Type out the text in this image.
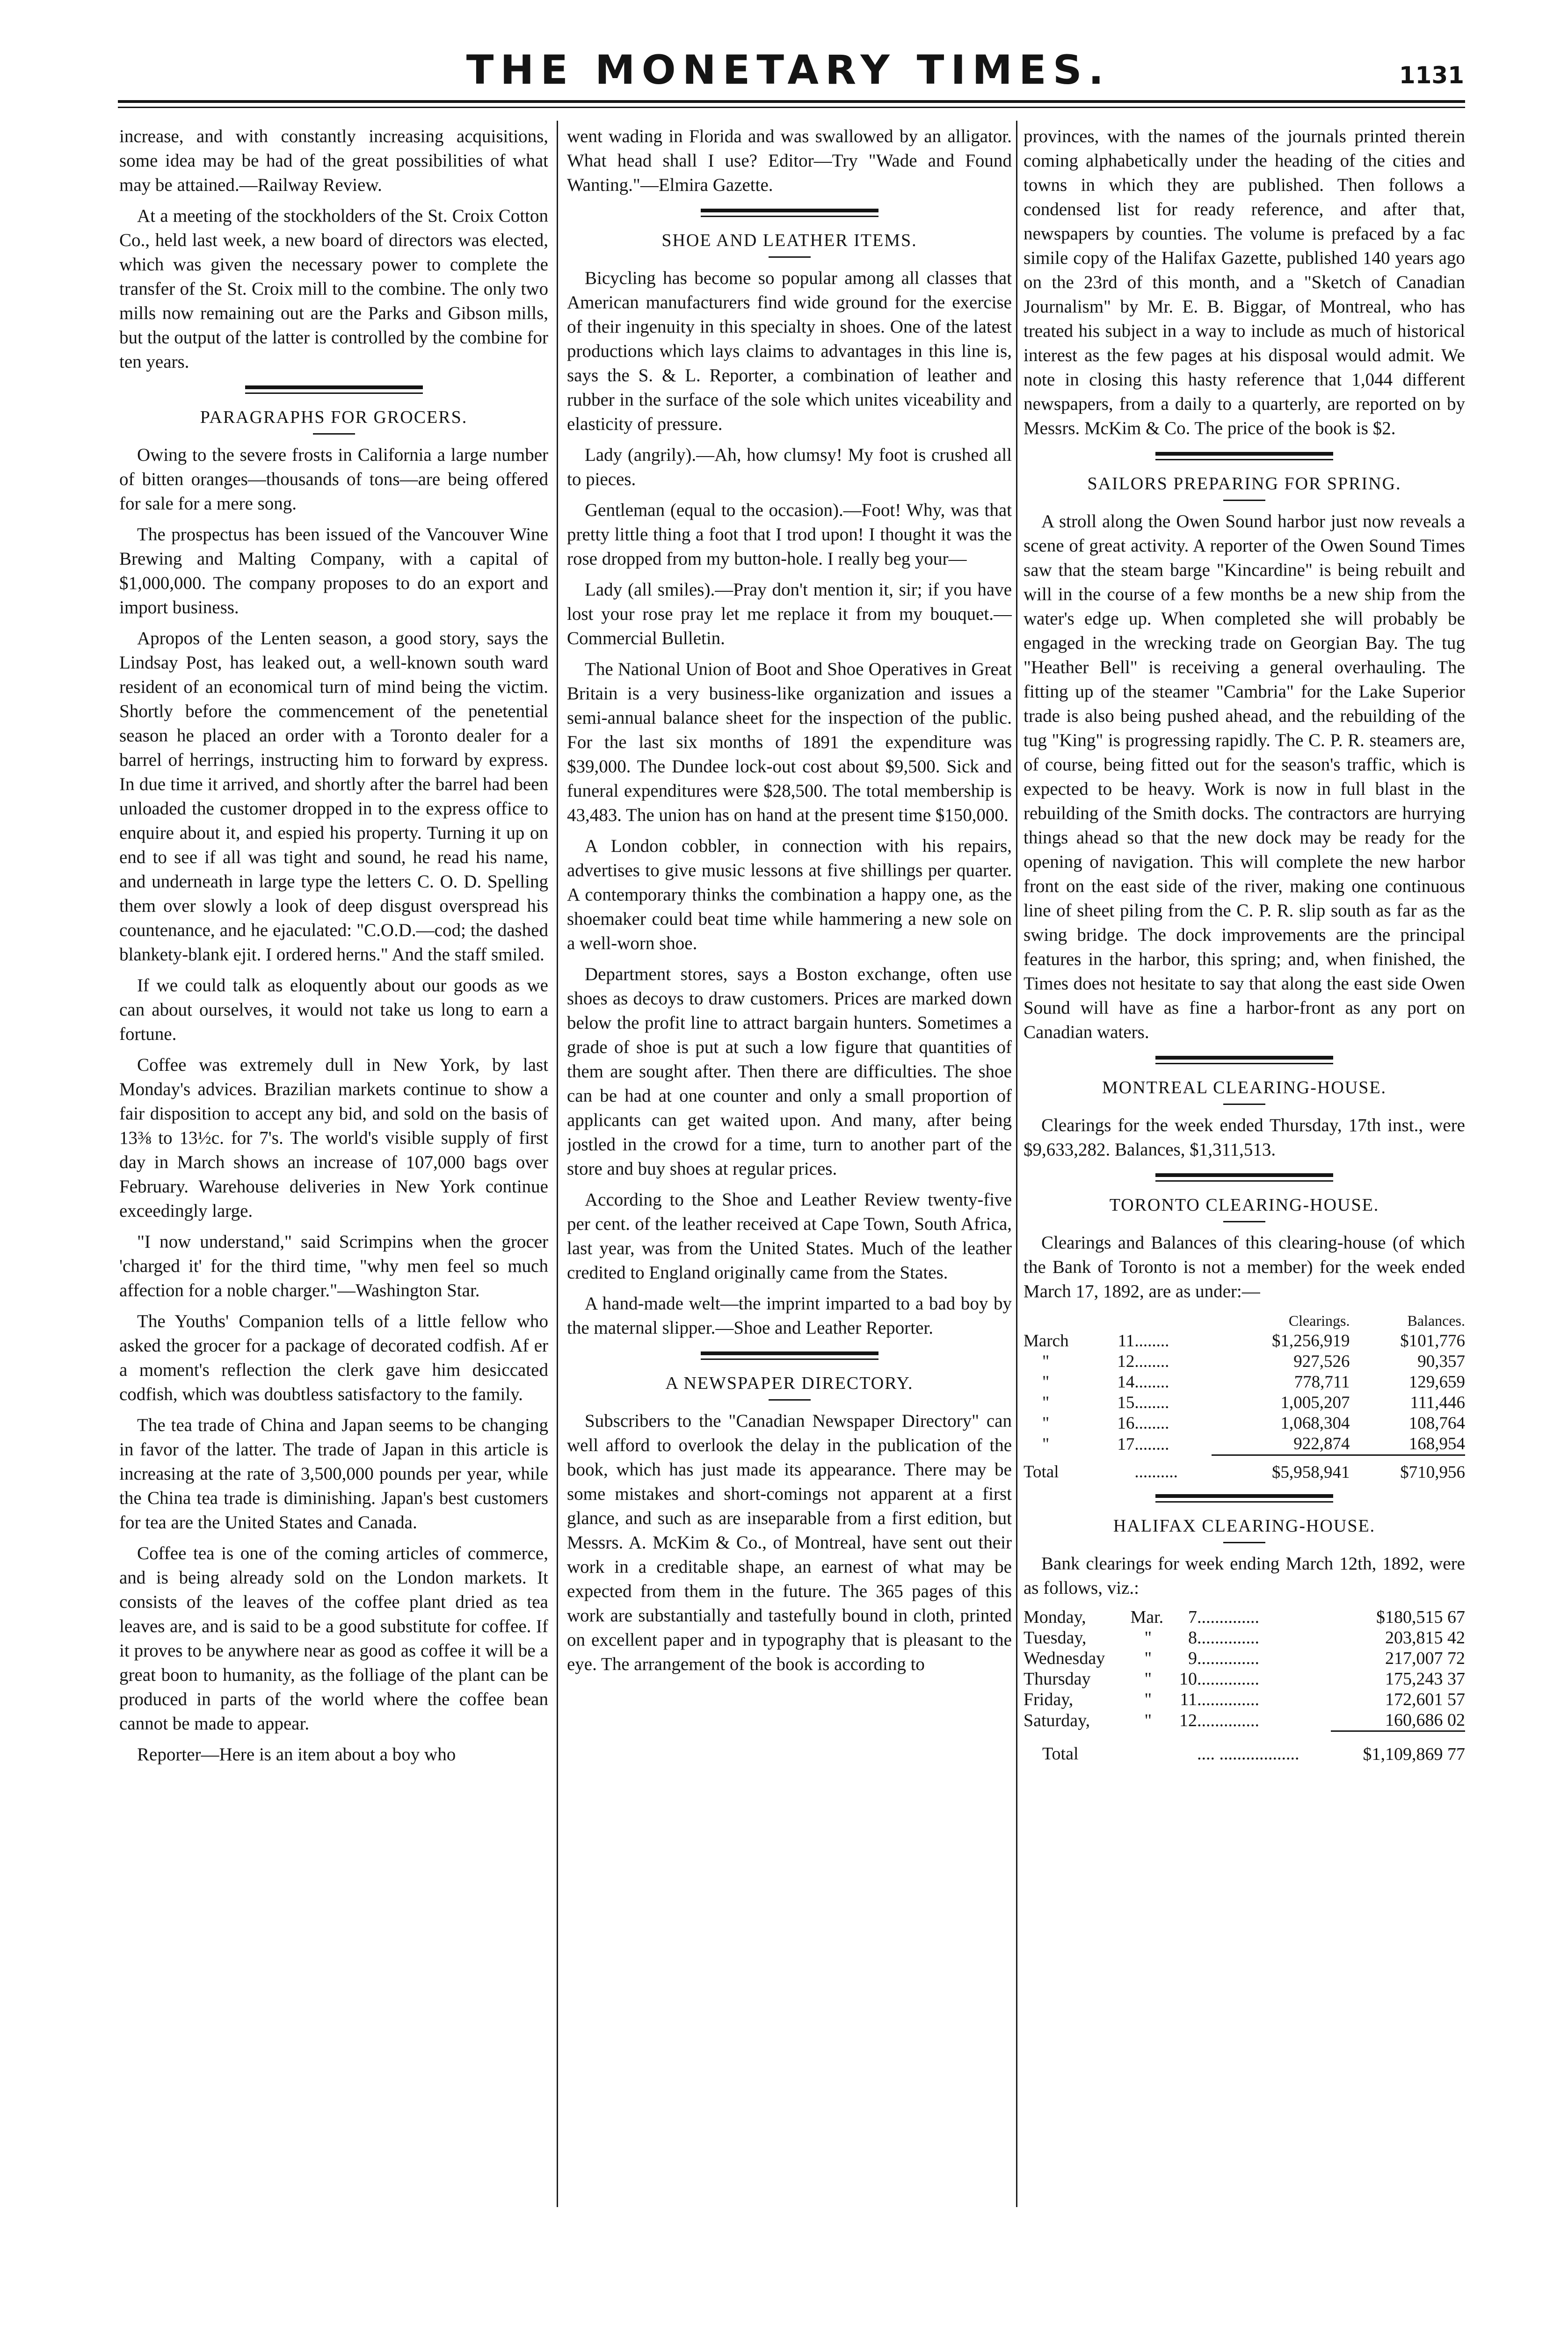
THE MONETARY TIMES.	1131

increase, and with constantly increasing acquisitions, some idea may be had of the great possibilities of what may be attained.—Railway Review.

At a meeting of the stockholders of the St. Croix Cotton Co., held last week, a new board of directors was elected, which was given the necessary power to complete the transfer of the St. Croix mill to the combine. The only two mills now remaining out are the Parks and Gibson mills, but the output of the latter is controlled by the combine for ten years.

PARAGRAPHS FOR GROCERS.

Owing to the severe frosts in California a large number of bitten oranges—thousands of tons—are being offered for sale for a mere song.

The prospectus has been issued of the Vancouver Wine Brewing and Malting Company, with a capital of $1,000,000. The company proposes to do an export and import business.

Apropos of the Lenten season, a good story, says the Lindsay Post, has leaked out, a well-known south ward resident of an economical turn of mind being the victim. Shortly before the commencement of the penetential season he placed an order with a Toronto dealer for a barrel of herrings, instructing him to forward by express. In due time it arrived, and shortly after the barrel had been unloaded the customer dropped in to the express office to enquire about it, and espied his property. Turning it up on end to see if all was tight and sound, he read his name, and underneath in large type the letters C. O. D. Spelling them over slowly a look of deep disgust overspread his countenance, and he ejaculated: "C.O.D.—cod; the dashed blankety-blank ejit. I ordered herns." And the staff smiled.

If we could talk as eloquently about our goods as we can about ourselves, it would not take us long to earn a fortune.

Coffee was extremely dull in New York, by last Monday's advices. Brazilian markets continue to show a fair disposition to accept any bid, and sold on the basis of 13⅜ to 13½c. for 7's. The world's visible supply of first day in March shows an increase of 107,000 bags over February. Warehouse deliveries in New York continue exceedingly large.

"I now understand," said Scrimpins when the grocer 'charged it' for the third time, "why men feel so much affection for a noble charger."—Washington Star.

The Youths' Companion tells of a little fellow who asked the grocer for a package of decorated codfish. Af er a moment's reflection the clerk gave him desiccated codfish, which was doubtless satisfactory to the family.

The tea trade of China and Japan seems to be changing in favor of the latter. The trade of Japan in this article is increasing at the rate of 3,500,000 pounds per year, while the China tea trade is diminishing. Japan's best customers for tea are the United States and Canada.

Coffee tea is one of the coming articles of commerce, and is being already sold on the London markets. It consists of the leaves of the coffee plant dried as tea leaves are, and is said to be a good substitute for coffee. If it proves to be anywhere near as good as coffee it will be a great boon to humanity, as the folliage of the plant can be produced in parts of the world where the coffee bean cannot be made to appear.

Reporter—Here is an item about a boy who

went wading in Florida and was swallowed by an alligator. What head shall I use? Editor—Try "Wade and Found Wanting."—Elmira Gazette.

SHOE AND LEATHER ITEMS.

Bicycling has become so popular among all classes that American manufacturers find wide ground for the exercise of their ingenuity in this specialty in shoes. One of the latest productions which lays claims to advantages in this line is, says the S. & L. Reporter, a combination of leather and rubber in the surface of the sole which unites viceability and elasticity of pressure.

Lady (angrily).—Ah, how clumsy! My foot is crushed all to pieces.

Gentleman (equal to the occasion).—Foot! Why, was that pretty little thing a foot that I trod upon! I thought it was the rose dropped from my button-hole. I really beg your—

Lady (all smiles).—Pray don't mention it, sir; if you have lost your rose pray let me replace it from my bouquet.—Commercial Bulletin.

The National Union of Boot and Shoe Operatives in Great Britain is a very business-like organization and issues a semi-annual balance sheet for the inspection of the public. For the last six months of 1891 the expenditure was $39,000. The Dundee lock-out cost about $9,500. Sick and funeral expenditures were $28,500. The total membership is 43,483. The union has on hand at the present time $150,000.

A London cobbler, in connection with his repairs, advertises to give music lessons at five shillings per quarter. A contemporary thinks the combination a happy one, as the shoemaker could beat time while hammering a new sole on a well-worn shoe.

Department stores, says a Boston exchange, often use shoes as decoys to draw customers. Prices are marked down below the profit line to attract bargain hunters. Sometimes a grade of shoe is put at such a low figure that quantities of them are sought after. Then there are difficulties. The shoe can be had at one counter and only a small proportion of applicants can get waited upon. And many, after being jostled in the crowd for a time, turn to another part of the store and buy shoes at regular prices.

According to the Shoe and Leather Review twenty-five per cent. of the leather received at Cape Town, South Africa, last year, was from the United States. Much of the leather credited to England originally came from the States.

A hand-made welt—the imprint imparted to a bad boy by the maternal slipper.—Shoe and Leather Reporter.

A NEWSPAPER DIRECTORY.

Subscribers to the "Canadian Newspaper Directory" can well afford to overlook the delay in the publication of the book, which has just made its appearance. There may be some mistakes and short-comings not apparent at a first glance, and such as are inseparable from a first edition, but Messrs. A. McKim & Co., of Montreal, have sent out their work in a creditable shape, an earnest of what may be expected from them in the future. The 365 pages of this work are substantially and tastefully bound in cloth, printed on excellent paper and in typography that is pleasant to the eye. The arrangement of the book is according to

provinces, with the names of the journals printed therein coming alphabetically under the heading of the cities and towns in which they are published. Then follows a condensed list for ready reference, and after that, newspapers by counties. The volume is prefaced by a fac simile copy of the Halifax Gazette, published 140 years ago on the 23rd of this month, and a "Sketch of Canadian Journalism" by Mr. E. B. Biggar, of Montreal, who has treated his subject in a way to include as much of historical interest as the few pages at his disposal would admit. We note in closing this hasty reference that 1,044 different newspapers, from a daily to a quarterly, are reported on by Messrs. McKim & Co. The price of the book is $2.

SAILORS PREPARING FOR SPRING.

A stroll along the Owen Sound harbor just now reveals a scene of great activity. A reporter of the Owen Sound Times saw that the steam barge "Kincardine" is being rebuilt and will in the course of a few months be a new ship from the water's edge up. When completed she will probably be engaged in the wrecking trade on Georgian Bay. The tug "Heather Bell" is receiving a general overhauling. The fitting up of the steamer "Cambria" for the Lake Superior trade is also being pushed ahead, and the rebuilding of the tug "King" is progressing rapidly. The C. P. R. steamers are, of course, being fitted out for the season's traffic, which is expected to be heavy. Work is now in full blast in the rebuilding of the Smith docks. The contractors are hurrying things ahead so that the new dock may be ready for the opening of navigation. This will complete the new harbor front on the east side of the river, making one continuous line of sheet piling from the C. P. R. slip south as far as the swing bridge. The dock improvements are the principal features in the harbor, this spring; and, when finished, the Times does not hesitate to say that along the east side Owen Sound will have as fine a harbor-front as any port on Canadian waters.

MONTREAL CLEARING-HOUSE.

Clearings for the week ended Thursday, 17th inst., were $9,633,282. Balances, $1,311,513.

TORONTO CLEARING-HOUSE.

Clearings and Balances of this clearing-house (of which the Bank of Toronto is not a member) for the week ended March 17, 1892, are as under:—

			Clearings.	Balances.
March	11	........	$1,256,919	$101,776
"	12	........	927,526	90,357
"	14	........	778,711	129,659
"	15	........	1,005,207	111,446
"	16	........	1,068,304	108,764
"	17	........	922,874	168,954
Total		..........	$5,958,941	$710,956
HALIFAX CLEARING-HOUSE.

Bank clearings for week ending March 12th, 1892, were as follows, viz.:

Monday,	Mar.	7	..............	$180,515 67
Tuesday,	"	8	..............	203,815 42
Wednesday	"	9	..............	217,007 72
Thursday	"	10	..............	175,243 37
Friday,	"	11	..............	172,601 57
Saturday,	"	12	..............	160,686 02
Total			.... ..................	$1,109,869 77
